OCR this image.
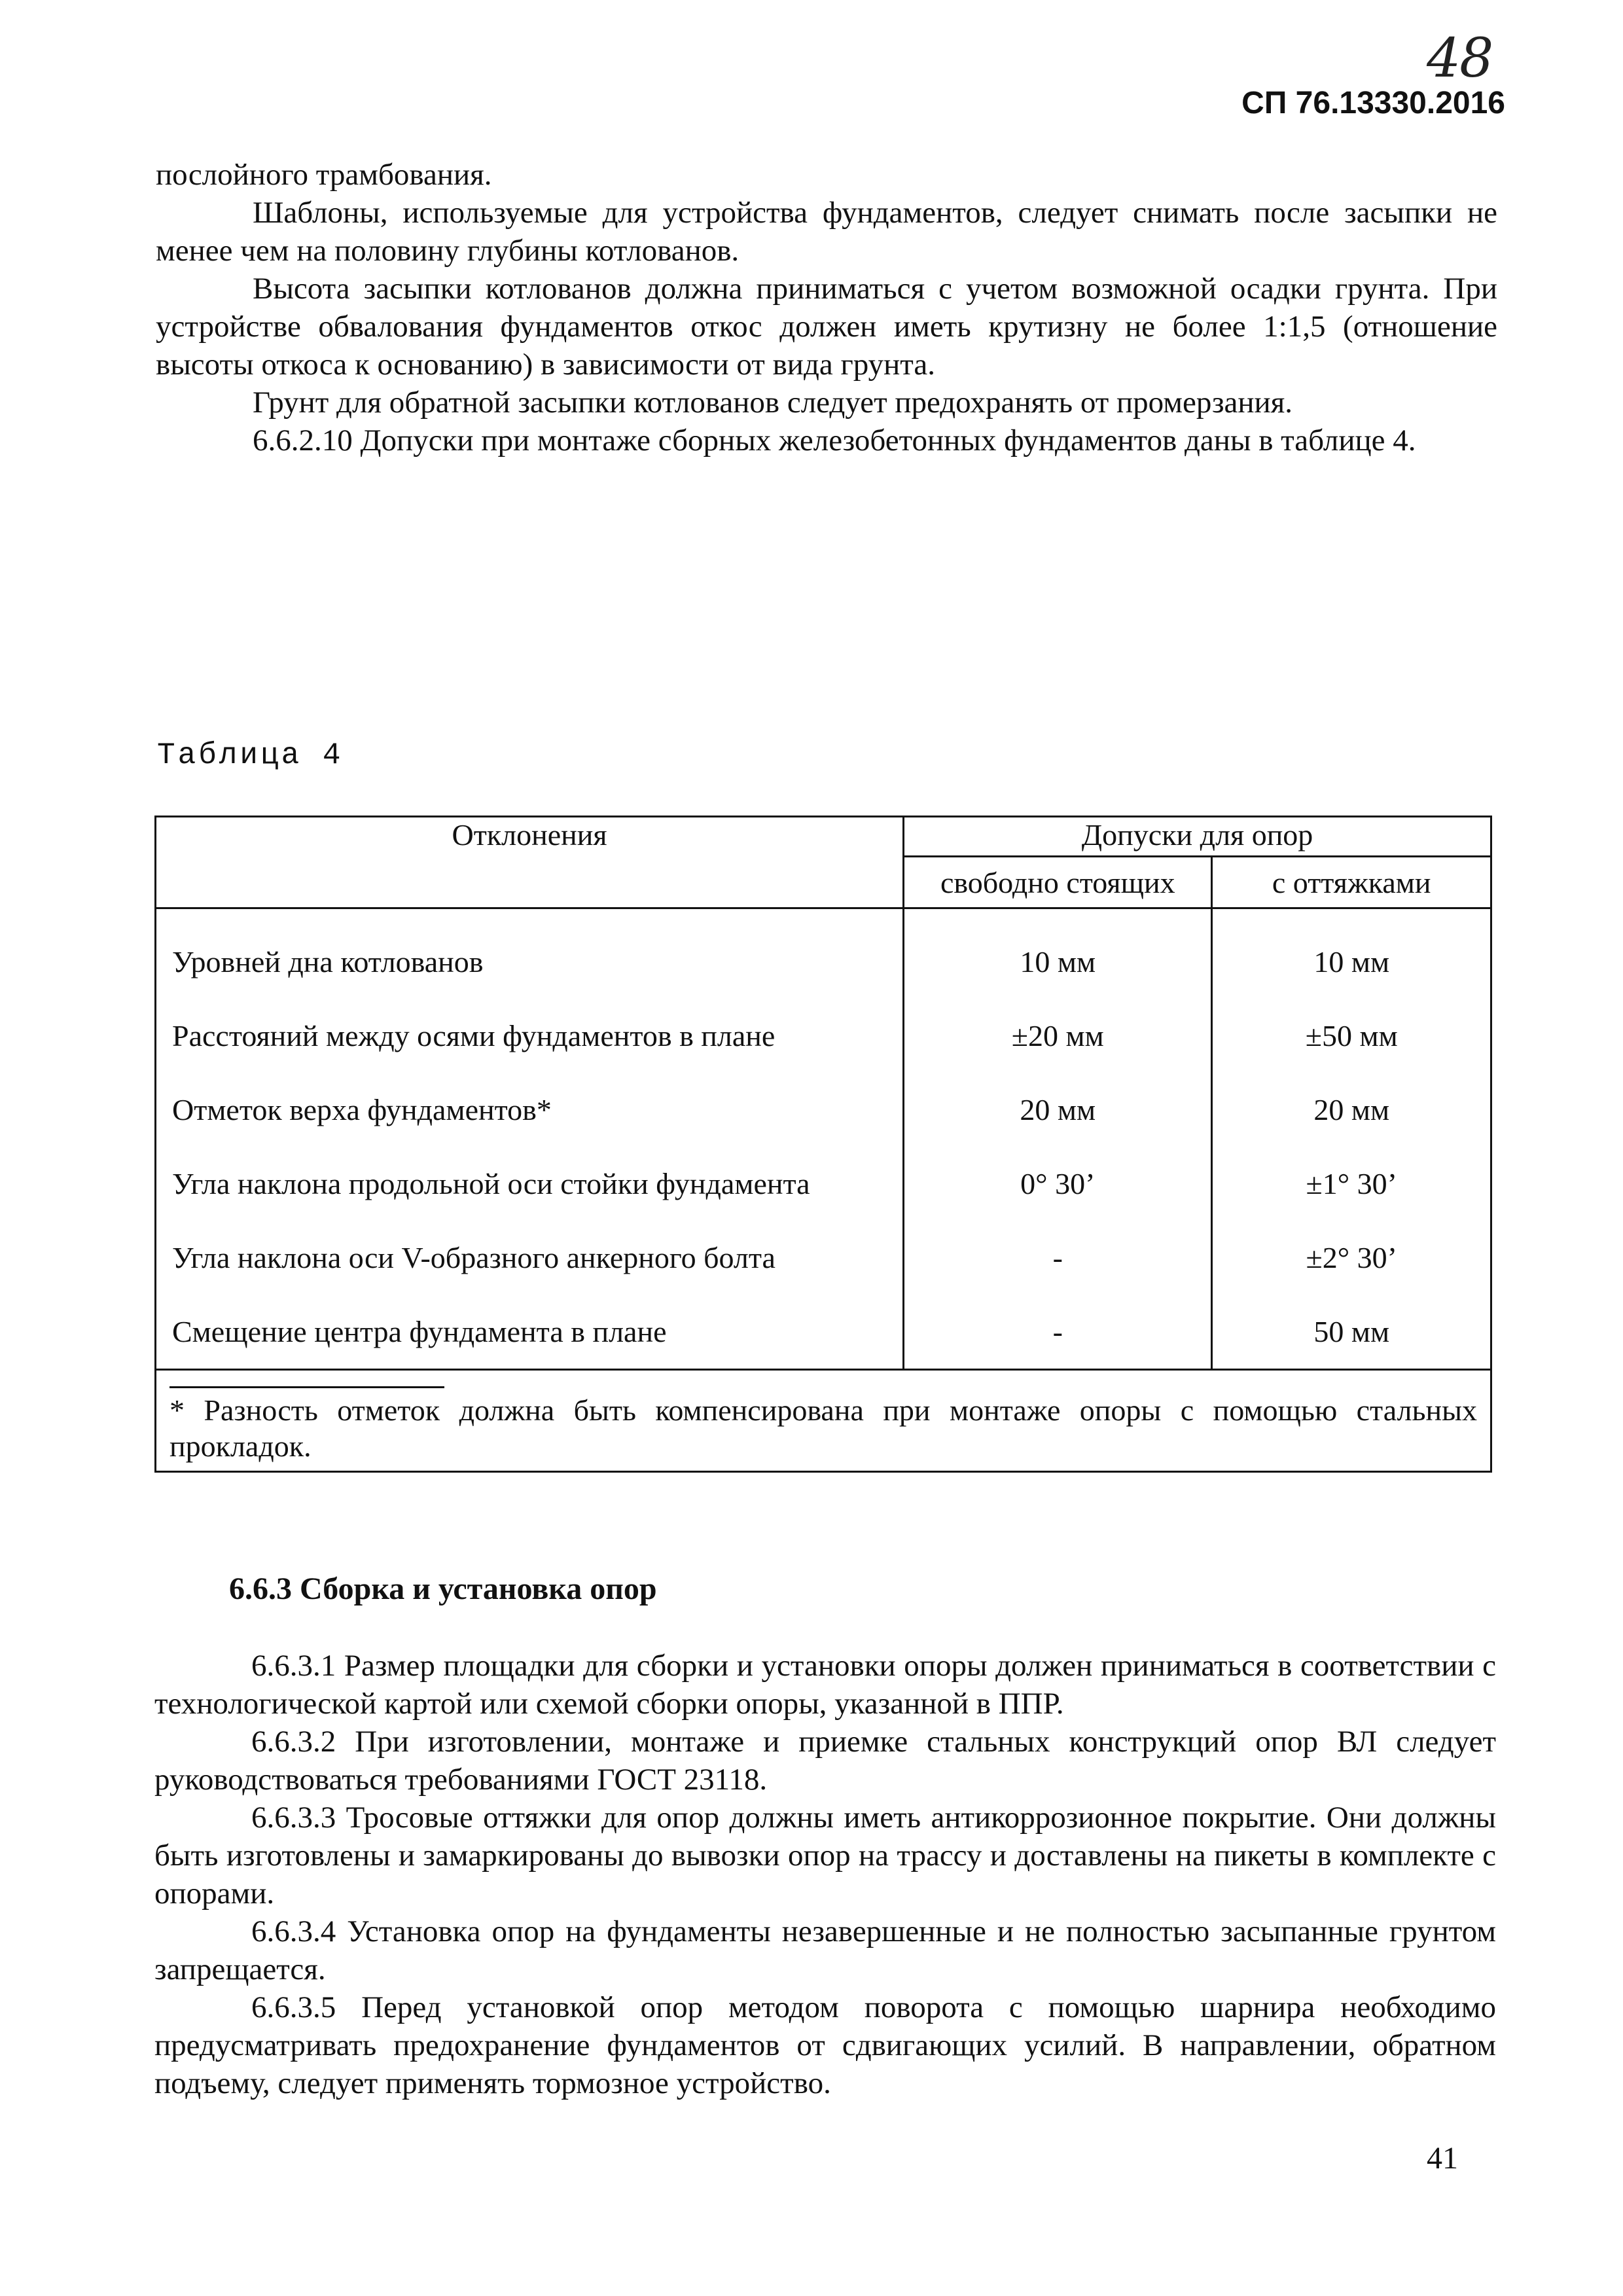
48
СП 76.13330.2016

послойного трамбования.

Шаблоны, используемые для устройства фундаментов, следует снимать после засыпки не менее чем на половину глубины котлованов.

Высота засыпки котлованов должна приниматься с учетом возможной осадки грунта. При устройстве обвалования фундаментов откос должен иметь крутизну не более 1:1,5 (отношение высоты откоса к основанию) в зависимости от вида грунта.

Грунт для обратной засыпки котлованов следует предохранять от промерзания.

6.6.2.10 Допуски при монтаже сборных железобетонных фундаментов даны в таблице 4.

Таблица 4
Отклонения	Допуски для опор	
	свободно стоящих	с оттяжками
Уровней дна котлованов	10 мм	10 мм
Расстояний между осями фундаментов в плане	±20 мм	±50 мм
Отметок верха фундаментов*	20 мм	20 мм
Угла наклона продольной оси стойки фундамента	0° 30’	±1° 30’
Угла наклона оси V-образного анкерного болта	-	±2° 30’
Смещение центра фундамента в плане	-	50 мм

* Разность отметок должна быть компенсирована при монтаже опоры с помощью стальных прокладок.		
6.6.3 Сборка и установка опор

6.6.3.1 Размер площадки для сборки и установки опоры должен приниматься в соответствии с технологической картой или схемой сборки опоры, указанной в ППР.

6.6.3.2 При изготовлении, монтаже и приемке стальных конструкций опор ВЛ следует руководствоваться требованиями ГОСТ 23118.

6.6.3.3 Тросовые оттяжки для опор должны иметь антикоррозионное покрытие. Они должны быть изготовлены и замаркированы до вывозки опор на трассу и доставлены на пикеты в комплекте с опорами.

6.6.3.4 Установка опор на фундаменты незавершенные и не полностью засыпанные грунтом запрещается.

6.6.3.5 Перед установкой опор методом поворота с помощью шарнира необходимо предусматривать предохранение фундаментов от сдвигающих усилий. В направлении, обратном подъему, следует применять тормозное устройство.

41
